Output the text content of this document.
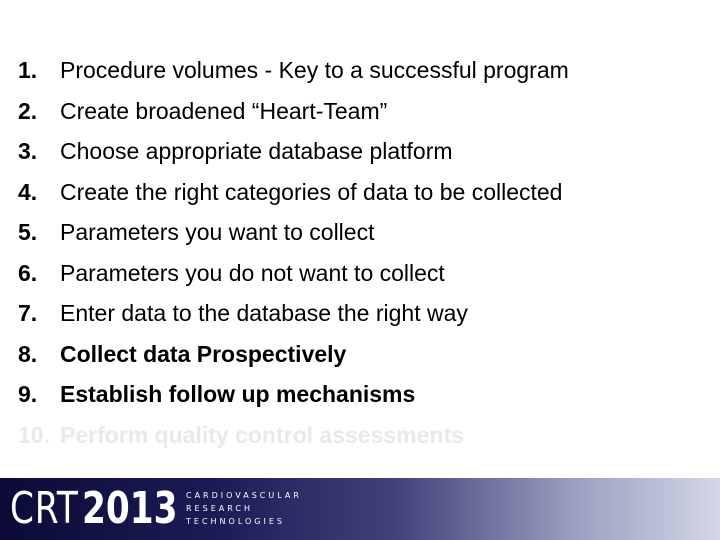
1. Procedure volumes - Key to a successful program
2. Create broadened “Heart-Team”
3. Choose appropriate database platform
4. Create the right categories of data to be collected
5. Parameters you want to collect
6. Parameters you do not want to collect
7. Enter data to the database the right way
8. Collect data Prospectively
9. Establish follow up mechanisms
10. Perform quality control assessments
CRT 2013 CARDIOVASCULAR
RESEARCH
TECHNOLOGIES
